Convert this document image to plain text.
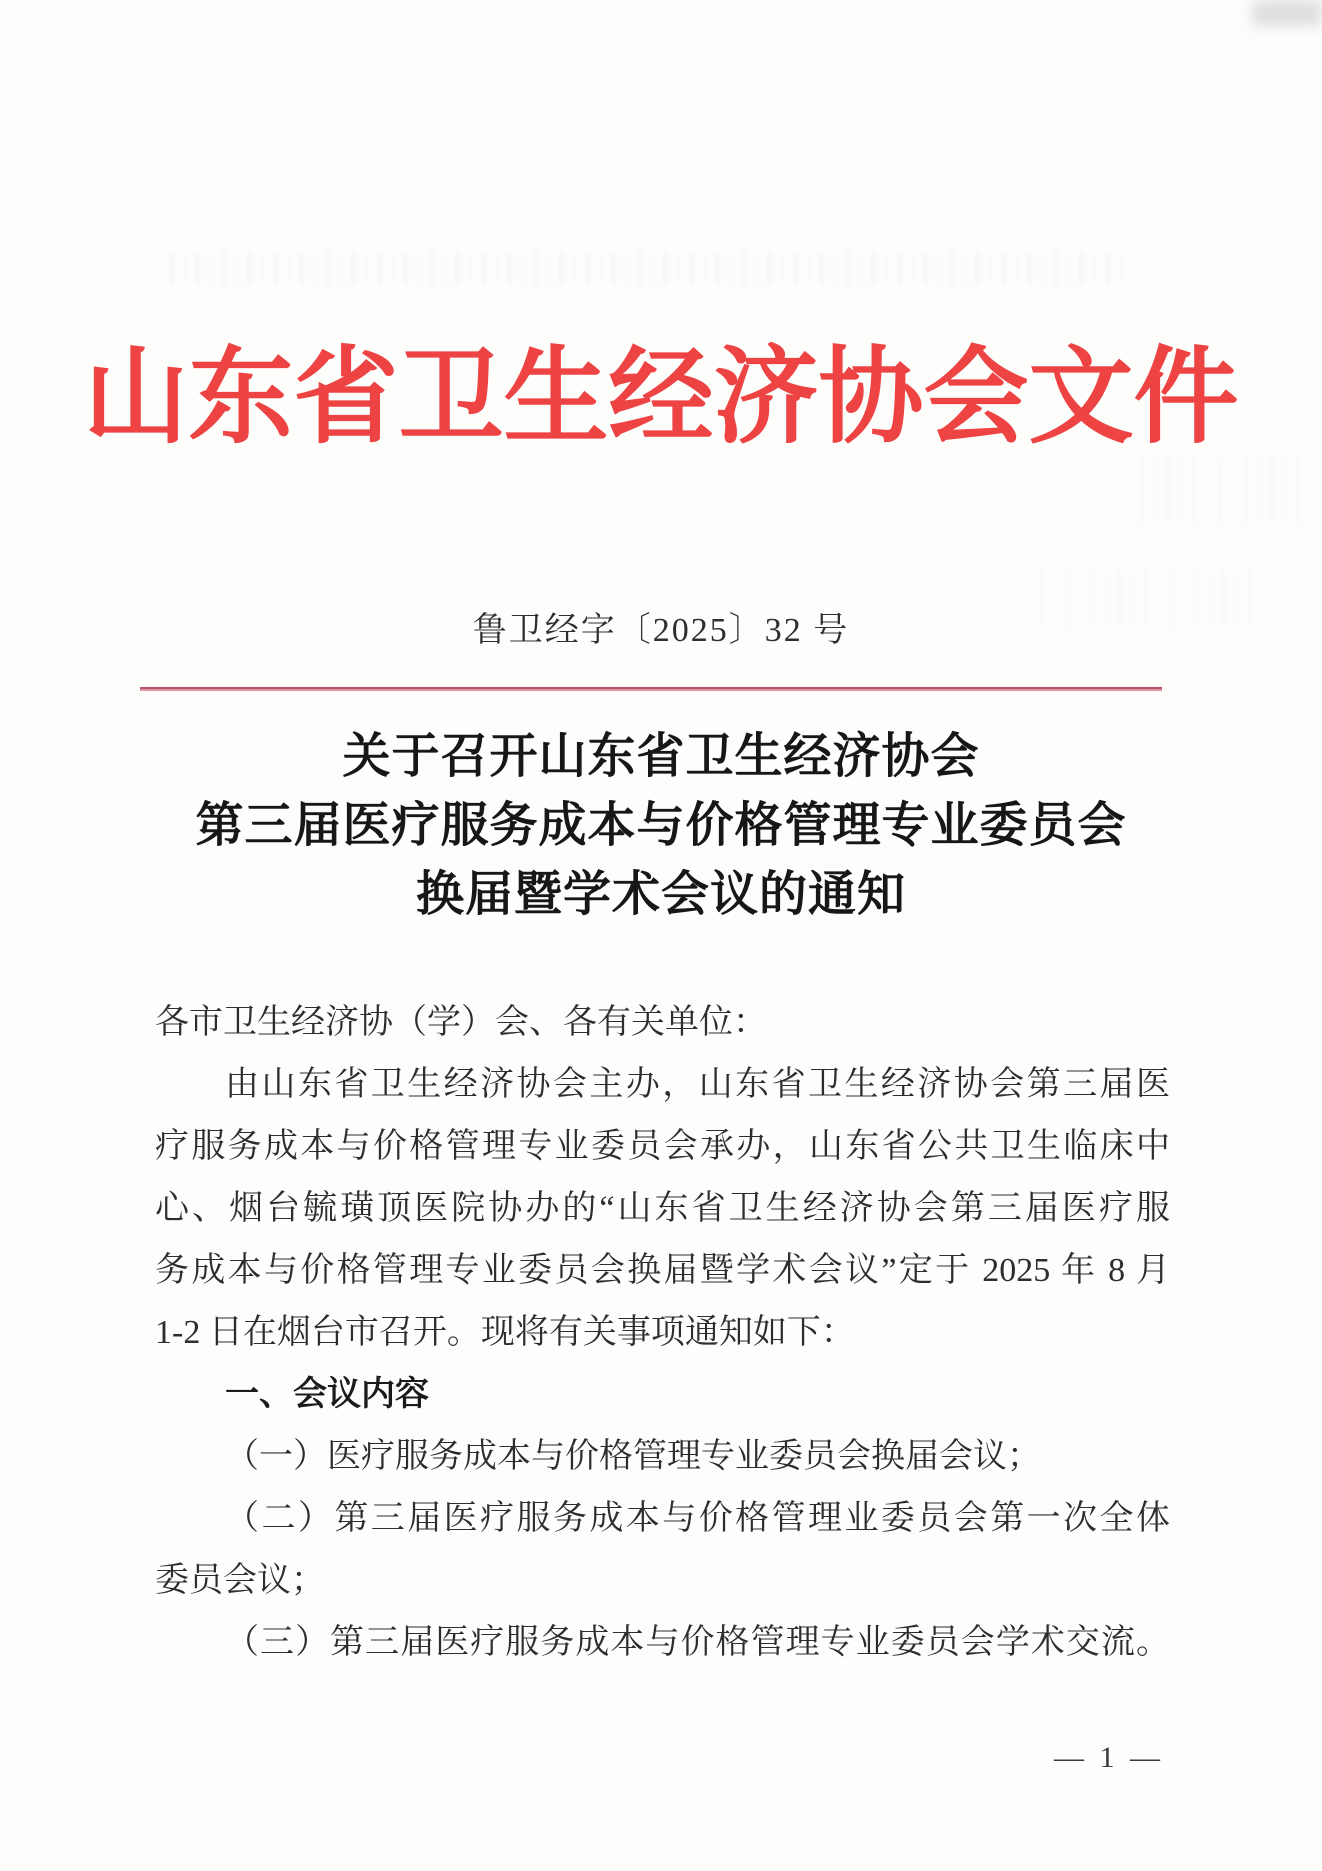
山东省卫生经济协会文件
鲁卫经字〔2025〕32 号
关于召开山东省卫生经济协会
第三届医疗服务成本与价格管理专业委员会
换届暨学术会议的通知
各市卫生经济协（学）会、各有关单位：
由山东省卫生经济协会主办，山东省卫生经济协会第三届医
疗服务成本与价格管理专业委员会承办，山东省公共卫生临床中
心、烟台毓璜顶医院协办的“山东省卫生经济协会第三届医疗服
务成本与价格管理专业委员会换届暨学术会议”定于 2025 年 8 月
1-2 日在烟台市召开。现将有关事项通知如下：
一、会议内容
（一）医疗服务成本与价格管理专业委员会换届会议；
（二）第三届医疗服务成本与价格管理业委员会第一次全体
委员会议；
（三）第三届医疗服务成本与价格管理专业委员会学术交流。
— 1 —
